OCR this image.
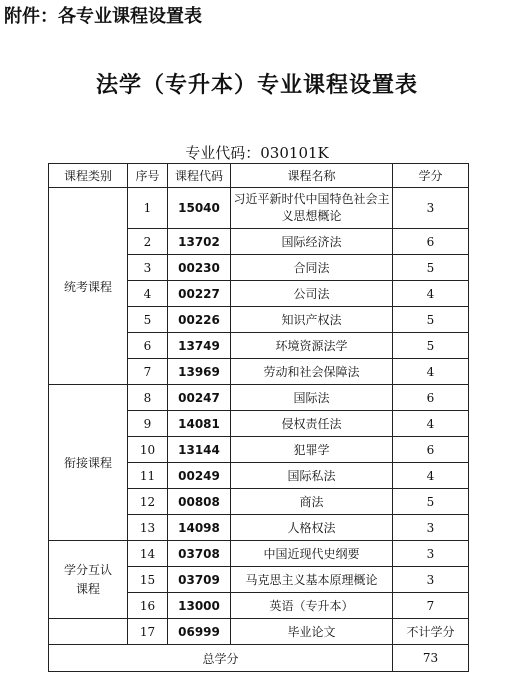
附件：各专业课程设置表
法学（专升本）专业课程设置表
专业代码：030101K
课程类别	序号	课程代码	课程名称	学分
统考课程	1	15040	习近平新时代中国特色社会主义思想概论	3
	2	13702	国际经济法	6
	3	00230	合同法	5
	4	00227	公司法	4
	5	00226	知识产权法	5
	6	13749	环境资源法学	5
	7	13969	劳动和社会保障法	4
衔接课程	8	00247	国际法	6
	9	14081	侵权责任法	4
	10	13144	犯罪学	6
	11	00249	国际私法	4
	12	00808	商法	5
	13	14098	人格权法	3
学分互认课程	14	03708	中国近现代史纲要	3
	15	03709	马克思主义基本原理概论	3
	16	13000	英语（专升本）	7
	17	06999	毕业论文	不计学分
总学分				73
